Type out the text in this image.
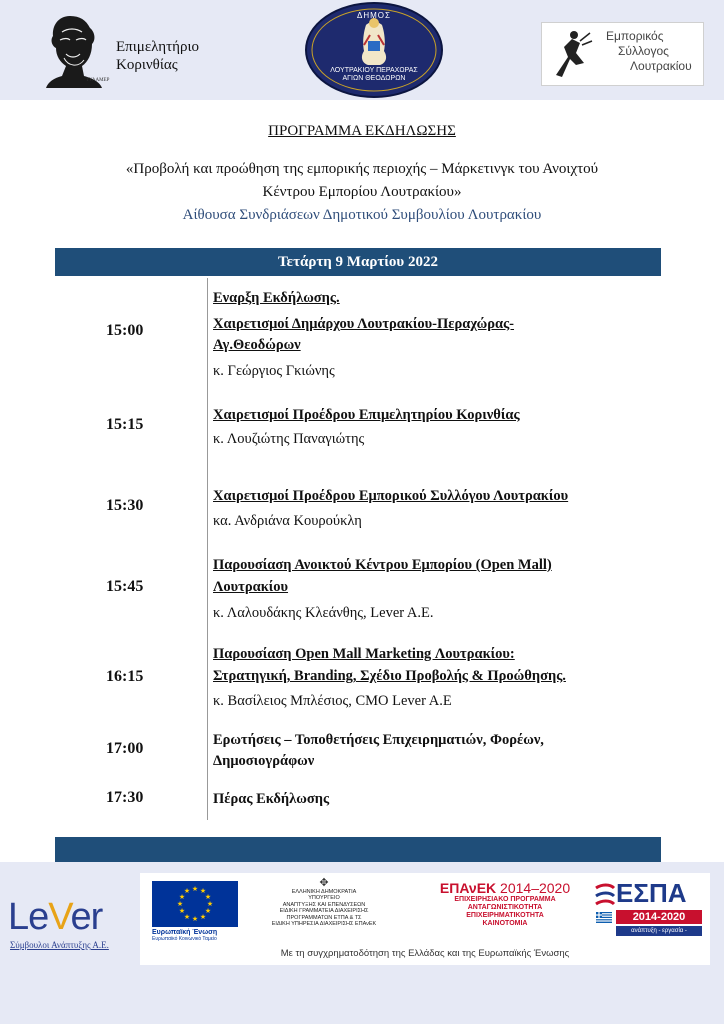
Επιμελητήριο
Κορινθίας
ΤΥΛΑΜΕΡ
ΔΗΜΟΣ
ΛΟΥΤΡΑΚΙΟΥ ΠΕΡΑΧΩΡΑΣ
ΑΓΙΩΝ ΘΕΟΔΩΡΩΝ
Εμπορικός
Σύλλογος
Λουτρακίου
ΠΡΟΓΡΑΜΜΑ ΕΚΔΗΛΩΣΗΣ
«Προβολή και προώθηση της εμπορικής περιοχής – Μάρκετινγκ του Ανοιχτού
Κέντρου Εμπορίου Λουτρακίου»
Αίθουσα Συνδριάσεων Δημοτικού Συμβουλίου Λουτρακίου
Τετάρτη 9 Μαρτίου 2022
15:00
Εναρξη Εκδήλωσης.
Χαιρετισμοί Δημάρχου Λουτρακίου-Περαχώρας-
Αγ.Θεοδώρων
κ. Γεώργιος Γκιώνης
15:15
Χαιρετισμοί Προέδρου Επιμελητηρίου Κορινθίας
κ. Λουζιώτης Παναγιώτης
15:30
Χαιρετισμοί Προέδρου Εμπορικού Συλλόγου Λουτρακίου
κα. Ανδριάνα Κουρούκλη
15:45
Παρουσίαση Ανοικτού Κέντρου Εμπορίου (Open Mall)
Λουτρακίου
κ. Λαλουδάκης Κλεάνθης, Lever A.E.
16:15
Παρουσίαση Open Mall Marketing Λουτρακίου:
Στρατηγική, Branding, Σχέδιο Προβολής & Προώθησης.
κ. Βασίλειος Μπλέσιος, CMO Lever A.E
17:00	Ερωτήσεις – Τοποθετήσεις Επιχειρηματιών, Φορέων,
Δημοσιογράφων
17:30	Πέρας Εκδήλωσης
LeVer
Σύμβουλοι Ανάπτυξης Α.Ε.
★ ★
★
★
★
★
★
★
★
★
★
★
Ευρωπαϊκή Ένωση
Ευρωπαϊκό Κοινωνικό Ταμείο
✥
ΕΛΛΗΝΙΚΗ ΔΗΜΟΚΡΑΤΙΑ
ΥΠΟΥΡΓΕΙΟ
ΑΝΑΠΤΥΞΗΣ ΚΑΙ ΕΠΕΝΔΥΣΕΩΝ
ΕΙΔΙΚΗ ΓΡΑΜΜΑΤΕΙΑ ΔΙΑΧΕΙΡΙΣΗΣ
ΠΡΟΓΡΑΜΜΑΤΩΝ ΕΤΠΑ & ΤΣ
ΕΙΔΙΚΗ ΥΠΗΡΕΣΙΑ ΔΙΑΧΕΙΡΙΣΗΣ ΕΠΑνΕΚ
ΕΠΑνΕΚ 2014–2020
ΕΠΙΧΕΙΡΗΣΙΑΚΟ ΠΡΟΓΡΑΜΜΑ
ΑΝΤΑΓΩΝΙΣΤΙΚΟΤΗΤΑ
ΕΠΙΧΕΙΡΗΜΑΤΙΚΟΤΗΤΑ
ΚΑΙΝΟΤΟΜΙΑ
ΕΣΠΑ
2014-2020
ανάπτυξη - εργασία - αλληλεγγύη
Με τη συγχρηματοδότηση της Ελλάδας και της Ευρωπαϊκής Ένωσης
